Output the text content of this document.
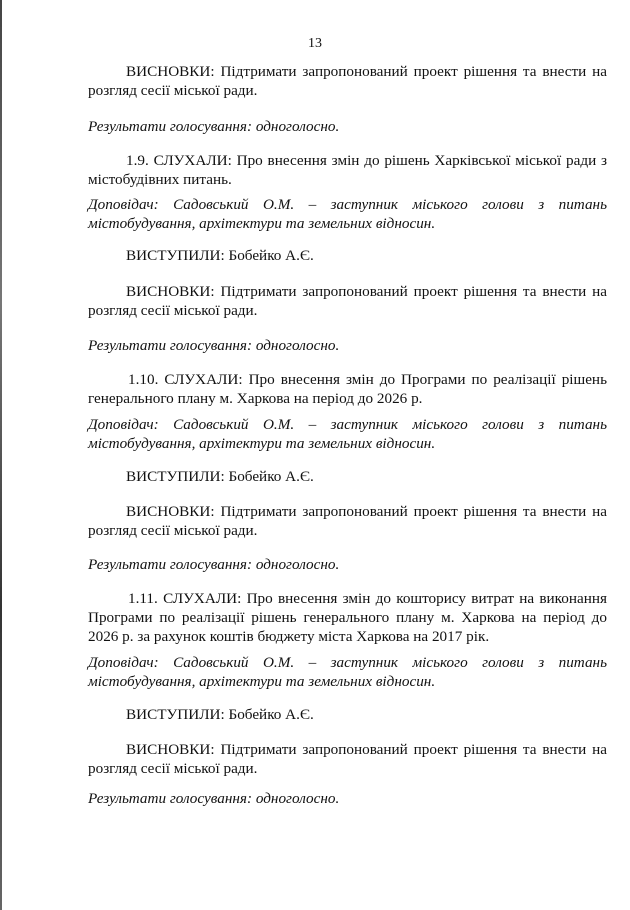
13

ВИСНОВКИ: Підтримати запропонований проект рішення та внести на розгляд сесії міської ради.

Результати голосування: одноголосно.

1.9. СЛУХАЛИ: Про внесення змін до рішень Харківської міської ради з містобудівних питань.

Доповідач: Садовський О.М. – заступник міського голови з питань містобудування, архітектури та земельних відносин.

ВИСТУПИЛИ: Бобейко А.Є.

ВИСНОВКИ: Підтримати запропонований проект рішення та внести на розгляд сесії міської ради.

Результати голосування: одноголосно.

1.10. СЛУХАЛИ: Про внесення змін до Програми по реалізації рішень генерального плану м. Харкова на період до 2026 р.

Доповідач: Садовський О.М. – заступник міського голови з питань містобудування, архітектури та земельних відносин.

ВИСТУПИЛИ: Бобейко А.Є.

ВИСНОВКИ: Підтримати запропонований проект рішення та внести на розгляд сесії міської ради.

Результати голосування: одноголосно.

1.11. СЛУХАЛИ: Про внесення змін до кошторису витрат на виконання Програми по реалізації рішень генерального плану м. Харкова на період до 2026 р. за рахунок коштів бюджету міста Харкова на 2017 рік.

Доповідач: Садовський О.М. – заступник міського голови з питань містобудування, архітектури та земельних відносин.

ВИСТУПИЛИ: Бобейко А.Є.

ВИСНОВКИ: Підтримати запропонований проект рішення та внести на розгляд сесії міської ради.

Результати голосування: одноголосно.
